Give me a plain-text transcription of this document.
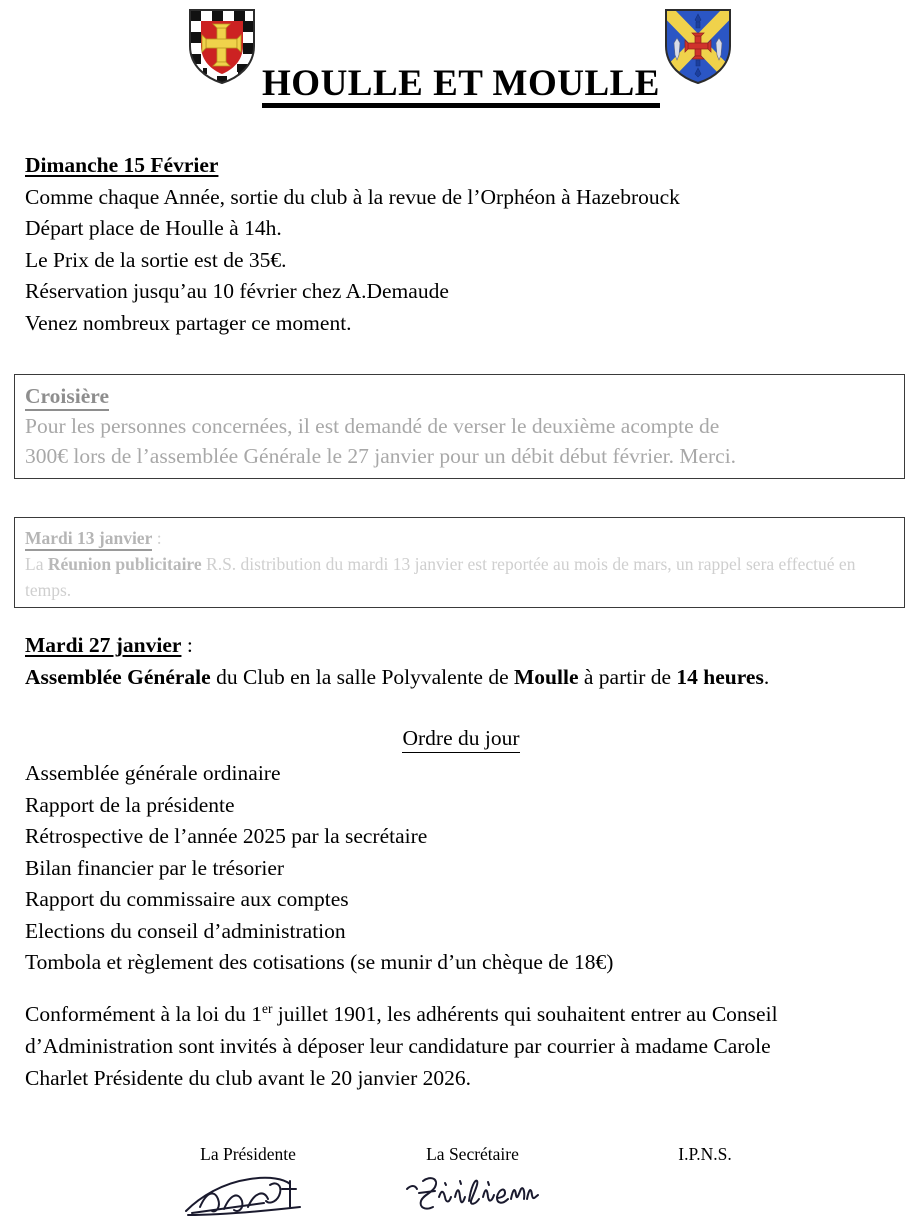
HOULLE ET MOULLE
Dimanche 15 Février
Comme chaque Année, sortie du club à la revue de l’Orphéon à Hazebrouck
Départ place de Houlle à 14h.
Le Prix de la sortie est de 35€.
Réservation jusqu’au 10 février chez A.Demaude
Venez nombreux partager ce moment.
Croisière
Pour les personnes concernées, il est demandé de verser le deuxième acompte de
300€ lors de l’assemblée Générale le 27 janvier pour un débit début février. Merci.
Mardi 13 janvier :
La Réunion publicitaire R.S. distribution du mardi 13 janvier est reportée au mois de mars, un rappel sera effectué en temps.
Mardi 27 janvier :
Assemblée Générale du Club en la salle Polyvalente de Moulle à partir de 14 heures.
Ordre du jour
Assemblée générale ordinaire
Rapport de la présidente
Rétrospective de l’année 2025 par la secrétaire
Bilan financier par le trésorier
Rapport du commissaire aux comptes
Elections du conseil d’administration
Tombola et règlement des cotisations (se munir d’un chèque de 18€)
Conformément à la loi du 1er juillet 1901, les adhérents qui souhaitent entrer au Conseil d’Administration sont invités à déposer leur candidature par courrier à madame Carole Charlet Présidente du club avant le 20 janvier 2026.
La Présidente	La Secrétaire	I.P.N.S.
